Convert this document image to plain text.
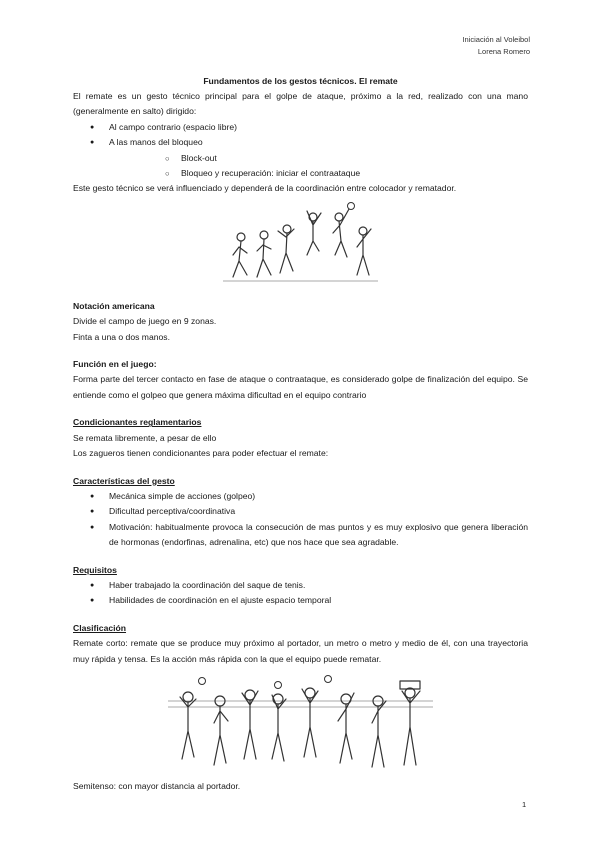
Iniciación al Voleibol
Lorena Romero

Fundamentos de los gestos técnicos. El remate

El remate es un gesto técnico principal para el golpe de ataque, próximo a la red, realizado con una mano (generalmente en salto) dirigido:

● Al campo contrario (espacio libre)
● A las manos del bloqueo
○ Block-out
○ Bloqueo y recuperación: iniciar el contraataque

Este gesto técnico se verá influenciado y dependerá de la coordinación entre colocador y rematador.

Notación americana

Divide el campo de juego en 9 zonas.

Finta a una o dos manos.

Función en el juego:

Forma parte del tercer contacto en fase de ataque o contraataque, es considerado golpe de finalización del equipo. Se entiende como el golpeo que genera máxima dificultad en el equipo contrario

Condicionantes reglamentarios

Se remata libremente, a pesar de ello

Los zagueros tienen condicionantes para poder efectuar el remate:

Características del gesto

● Mecánica simple de acciones (golpeo)
● Dificultad perceptiva/coordinativa
● Motivación: habitualmente provoca la consecución de mas puntos y es muy explosivo que genera liberación de hormonas (endorfinas, adrenalina, etc) que nos hace que sea agradable.

Requisitos

● Haber trabajado la coordinación del saque de tenis.
● Habilidades de coordinación en el ajuste espacio temporal

Clasificación

Remate corto: remate que se produce muy próximo al portador, un metro o metro y medio de él, con una trayectoria muy rápida y tensa. Es la acción más rápida con la que el equipo puede rematar.

Semitenso: con mayor distancia al portador.

1
